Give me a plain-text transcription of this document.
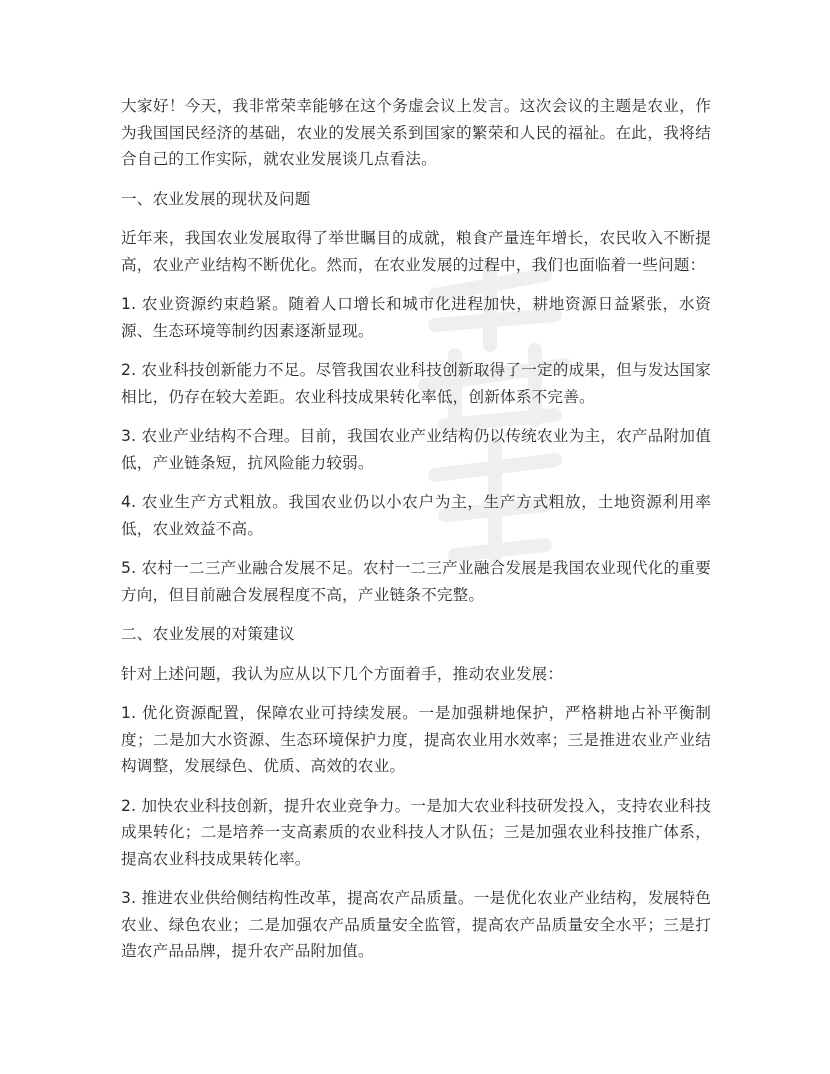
大家好！今天，我非常荣幸能够在这个务虚会议上发言。这次会议的主题是农业，作为我国国民经济的基础，农业的发展关系到国家的繁荣和人民的福祉。在此，我将结合自己的工作实际，就农业发展谈几点看法。

一、农业发展的现状及问题

近年来，我国农业发展取得了举世瞩目的成就，粮食产量连年增长，农民收入不断提高，农业产业结构不断优化。然而，在农业发展的过程中，我们也面临着一些问题：

1. 农业资源约束趋紧。随着人口增长和城市化进程加快，耕地资源日益紧张，水资源、生态环境等制约因素逐渐显现。

2. 农业科技创新能力不足。尽管我国农业科技创新取得了一定的成果，但与发达国家相比，仍存在较大差距。农业科技成果转化率低，创新体系不完善。

3. 农业产业结构不合理。目前，我国农业产业结构仍以传统农业为主，农产品附加值低，产业链条短，抗风险能力较弱。

4. 农业生产方式粗放。我国农业仍以小农户为主，生产方式粗放，土地资源利用率低，农业效益不高。

5. 农村一二三产业融合发展不足。农村一二三产业融合发展是我国农业现代化的重要方向，但目前融合发展程度不高，产业链条不完整。

二、农业发展的对策建议

针对上述问题，我认为应从以下几个方面着手，推动农业发展：

1. 优化资源配置，保障农业可持续发展。一是加强耕地保护，严格耕地占补平衡制度；二是加大水资源、生态环境保护力度，提高农业用水效率；三是推进农业产业结构调整，发展绿色、优质、高效的农业。

2. 加快农业科技创新，提升农业竞争力。一是加大农业科技研发投入，支持农业科技成果转化；二是培养一支高素质的农业科技人才队伍；三是加强农业科技推广体系，提高农业科技成果转化率。

3. 推进农业供给侧结构性改革，提高农产品质量。一是优化农业产业结构，发展特色农业、绿色农业；二是加强农产品质量安全监管，提高农产品质量安全水平；三是打造农产品品牌，提升农产品附加值。
